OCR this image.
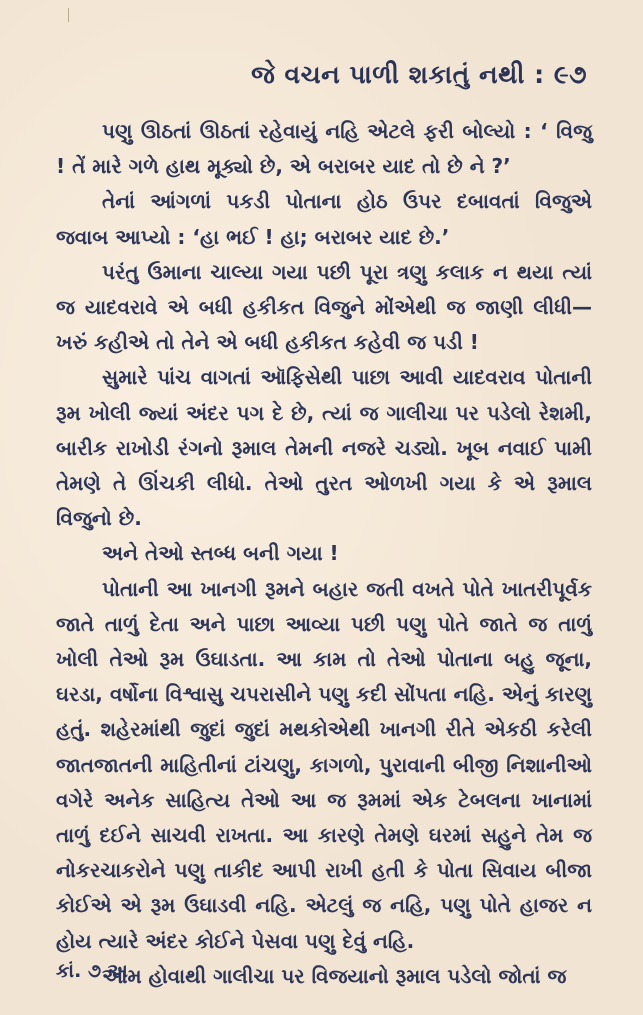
જે વચન પાળી શકાતું નથી : ૯૭

પણુ ઊઠતાં ઊઠતાં રહેવાયું નહિ એટલે ફરી બોલ્યો : ‘ વિજુ ! તેં મારે ગળે હાથ મૂક્યો છે, એ બરાબર યાદ તો છે ને ?’

તેનાં આંગળાં પકડી પોતાના હોઠ ઉપર દબાવતાં વિજુએ જવાબ આપ્યો : ‘હા ભઈ ! હા; બરાબર યાદ છે.’

પરંતુ ઉમાના ચાલ્યા ગયા પછી પૂરા ત્રણુ કલાક ન થયા ત્યાં જ યાદવરાવે એ બધી હકીકત વિજુને મોંએથી જ જાણી લીધી—ખરું કહીએ તો તેને એ બધી હકીકત કહેવી જ પડી !

સુમારે પાંચ વાગતાં ઑફિસેથી પાછા આવી યાદવરાવ પોતાની રૂમ ખોલી જ્યાં અંદર પગ દે છે, ત્યાં જ ગાલીચા પર પડેલો રેશમી, બારીક રાખોડી રંગનો રૂમાલ તેમની નજરે ચડ્યો. ખૂબ નવાઈ પામી તેમણે તે ઊંચકી લીધો. તેઓ તુરત ઓળખી ગયા કે એ રૂમાલ વિજુનો છે.

અને તેઓ સ્તબ્ધ બની ગયા !

પોતાની આ ખાનગી રૂમને બહાર જતી વખતે પોતે ખાતરીપૂર્વક જાતે તાળું દેતા અને પાછા આવ્યા પછી પણુ પોતે જાતે જ તાળું ખોલી તેઓ રૂમ ઉઘાડતા. આ કામ તો તેઓ પોતાના બહુ જૂના, ઘરડા, વર્ષોના વિશ્વાસુ ચપરાસીને પણુ કદી સોંપતા નહિ. એનું કારણુ હતું. શહેરમાંથી જુદાં જુદાં મથકોએથી ખાનગી રીતે એકઠી કરેલી જાતજાતની માહિતીનાં ટાંચણુ, કાગળો, પુરાવાની બીજી નિશાનીઓ વગેરે અનેક સાહિત્ય તેઓ આ જ રૂમમાં એક ટેબલના ખાનામાં તાળું દઈને સાચવી રાખતા. આ કારણે તેમણે ઘરમાં સહુને તેમ જ નોકરચાકરોને પણુ તાકીદ આપી રાખી હતી કે પોતા સિવાય બીજા કોઈએ એ રૂમ ઉઘાડવી નહિ. એટલું જ નહિ, પણુ પોતે હાજર ન હોય ત્યારે અંદર કોઈને પેસવા પણુ દેવું નહિ.

આમ હોવાથી ગાલીચા પર વિજયાનો રૂમાલ પડેલો જોતાં જ

કાં. ૭ અ
